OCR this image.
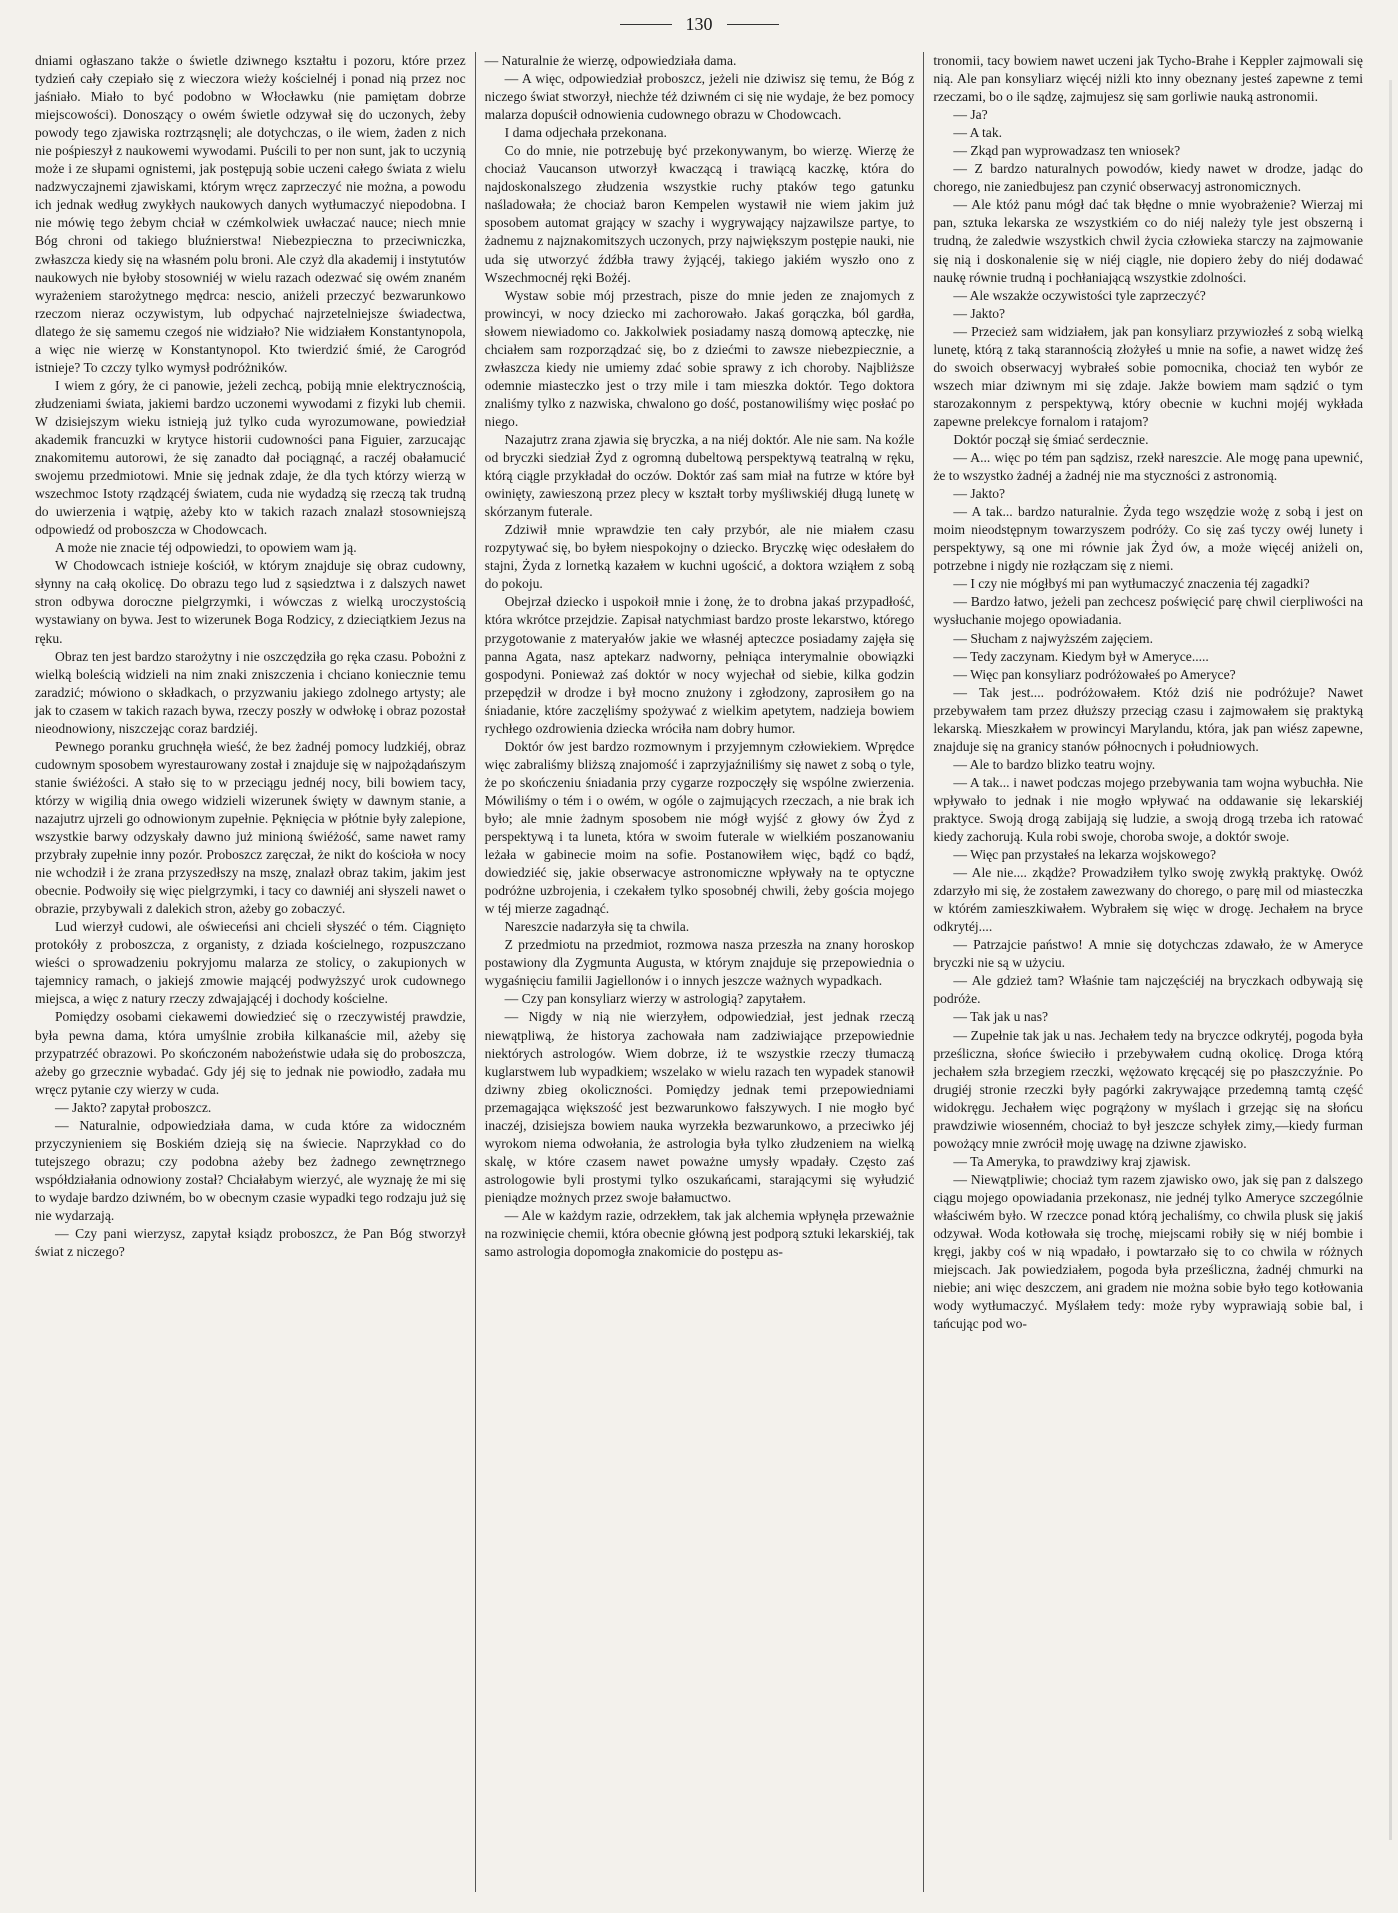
130

dniami ogłaszano także o świetle dziwnego kształtu i pozoru, które przez tydzień cały czepiało się z wieczora wieży kościelnéj i ponad nią przez noc jaśniało. Miało to być podobno w Włocławku (nie pamiętam dobrze miejscowości). Donoszący o owém świetle odzywał się do uczonych, żeby powody tego zjawiska roztrząsnęli; ale dotychczas, o ile wiem, żaden z nich nie pośpieszył z naukowemi wywodami. Puścili to per non sunt, jak to uczynią może i ze słupami ognistemi, jak postępują sobie uczeni całego świata z wielu nadzwyczajnemi zjawiskami, którym wręcz zaprzeczyć nie można, a powodu ich jednak według zwykłych naukowych danych wytłumaczyć niepodobna. I nie mówię tego żebym chciał w czémkolwiek uwłaczać nauce; niech mnie Bóg chroni od takiego bluźnierstwa! Niebezpieczna to przeciwniczka, zwłaszcza kiedy się na własném polu broni. Ale czyż dla akademij i instytutów naukowych nie byłoby stosowniéj w wielu razach odezwać się owém znaném wyrażeniem starożytnego mędrca: nescio, aniżeli przeczyć bezwarunkowo rzeczom nieraz oczywistym, lub odpychać najrzetelniejsze świadectwa, dlatego że się samemu czegoś nie widziało? Nie widziałem Konstantynopola, a więc nie wierzę w Konstantynopol. Kto twierdzić śmié, że Carogród istnieje? To czczy tylko wymysł podróżników.

I wiem z góry, że ci panowie, jeżeli zechcą, pobiją mnie elektrycznością, złudzeniami świata, jakiemi bardzo uczonemi wywodami z fizyki lub chemii. W dzisiejszym wieku istnieją już tylko cuda wyrozumowane, powiedział akademik francuzki w krytyce historii cudowności pana Figuier, zarzucając znakomitemu autorowi, że się zanadto dał pociągnąć, a raczéj obałamucić swojemu przedmiotowi. Mnie się jednak zdaje, że dla tych którzy wierzą w wszechmoc Istoty rządzącéj światem, cuda nie wydadzą się rzeczą tak trudną do uwierzenia i wątpię, ażeby kto w takich razach znalazł stosowniejszą odpowiedź od proboszcza w Chodowcach.

A może nie znacie téj odpowiedzi, to opowiem wam ją.

W Chodowcach istnieje kościół, w którym znajduje się obraz cudowny, słynny na całą okolicę. Do obrazu tego lud z sąsiedztwa i z dalszych nawet stron odbywa doroczne pielgrzymki, i wówczas z wielką uroczystością wystawiany on bywa. Jest to wizerunek Boga Rodzicy, z dzieciątkiem Jezus na ręku.

Obraz ten jest bardzo starożytny i nie oszczędziła go ręka czasu. Pobożni z wielką boleścią widzieli na nim znaki zniszczenia i chciano koniecznie temu zaradzić; mówiono o składkach, o przyzwaniu jakiego zdolnego artysty; ale jak to czasem w takich razach bywa, rzeczy poszły w odwłokę i obraz pozostał nieodnowiony, niszczejąc coraz bardziéj.

Pewnego poranku gruchnęła wieść, że bez żadnéj pomocy ludzkiéj, obraz cudownym sposobem wyrestaurowany został i znajduje się w najpożądańszym stanie świéżości. A stało się to w przeciągu jednéj nocy, bili bowiem tacy, którzy w wigilią dnia owego widzieli wizerunek święty w dawnym stanie, a nazajutrz ujrzeli go odnowionym zupełnie. Pęknięcia w płótnie były zalepione, wszystkie barwy odzyskały dawno już minioną świéżość, same nawet ramy przybrały zupełnie inny pozór. Proboszcz zaręczał, że nikt do kościoła w nocy nie wchodził i że zrana przyszedłszy na mszę, znalazł obraz takim, jakim jest obecnie. Podwoiły się więc pielgrzymki, i tacy co dawniéj ani słyszeli nawet o obrazie, przybywali z dalekich stron, ażeby go zobaczyć.

Lud wierzył cudowi, ale oświeceńsi ani chcieli słyszéć o tém. Ciągnięto protokóły z proboszcza, z organisty, z dziada kościelnego, rozpuszczano wieści o sprowadzeniu pokryjomu malarza ze stolicy, o zakupionych w tajemnicy ramach, o jakiejś zmowie mającéj podwyższyć urok cudownego miejsca, a więc z natury rzeczy zdwajającéj i dochody kościelne.

Pomiędzy osobami ciekawemi dowiedzieć się o rzeczywistéj prawdzie, była pewna dama, która umyślnie zrobiła kilkanaście mil, ażeby się przypatrzéć obrazowi. Po skończoném nabożeństwie udała się do proboszcza, ażeby go grzecznie wybadać. Gdy jéj się to jednak nie powiodło, zadała mu wręcz pytanie czy wierzy w cuda.

— Jakto? zapytał proboszcz.

— Naturalnie, odpowiedziała dama, w cuda które za widoczném przyczynieniem się Boskiém dzieją się na świecie. Naprzykład co do tutejszego obrazu; czy podobna ażeby bez żadnego zewnętrznego współdziałania odnowiony został? Chciałabym wierzyć, ale wyznaję że mi się to wydaje bardzo dziwném, bo w obecnym czasie wypadki tego rodzaju już się nie wydarzają.

— Czy pani wierzysz, zapytał ksiądz proboszcz, że Pan Bóg stworzył świat z niczego?

— Naturalnie że wierzę, odpowiedziała dama.

— A więc, odpowiedział proboszcz, jeżeli nie dziwisz się temu, że Bóg z niczego świat stworzył, niechże téż dziwném ci się nie wydaje, że bez pomocy malarza dopuścił odnowienia cudownego obrazu w Chodowcach.

I dama odjechała przekonana.

Co do mnie, nie potrzebuję być przekonywanym, bo wierzę. Wierzę że chociaż Vaucanson utworzył kwaczącą i trawiącą kaczkę, która do najdoskonalszego złudzenia wszystkie ruchy ptaków tego gatunku naśladowała; że chociaż baron Kempelen wystawił nie wiem jakim już sposobem automat grający w szachy i wygrywający najzawilsze partye, to żadnemu z najznakomitszych uczonych, przy największym postępie nauki, nie uda się utworzyć źdźbła trawy żyjącéj, takiego jakiém wyszło ono z Wszechmocnéj ręki Bożéj.

Wystaw sobie mój przestrach, pisze do mnie jeden ze znajomych z prowincyi, w nocy dziecko mi zachorowało. Jakaś gorączka, ból gardła, słowem niewiadomo co. Jakkolwiek posiadamy naszą domową apteczkę, nie chciałem sam rozporządzać się, bo z dziećmi to zawsze niebezpiecznie, a zwłaszcza kiedy nie umiemy zdać sobie sprawy z ich choroby. Najbliższe odemnie miasteczko jest o trzy mile i tam mieszka doktór. Tego doktora znaliśmy tylko z nazwiska, chwalono go dość, postanowiliśmy więc posłać po niego.

Nazajutrz zrana zjawia się bryczka, a na niéj doktór. Ale nie sam. Na koźle od bryczki siedział Żyd z ogromną dubeltową perspektywą teatralną w ręku, którą ciągle przykładał do oczów. Doktór zaś sam miał na futrze w które był owinięty, zawieszoną przez plecy w kształt torby myśliwskiéj długą lunetę w skórzanym futerale.

Zdziwił mnie wprawdzie ten cały przybór, ale nie miałem czasu rozpytywać się, bo byłem niespokojny o dziecko. Bryczkę więc odesłałem do stajni, Żyda z lornetką kazałem w kuchni ugościć, a doktora wziąłem z sobą do pokoju.

Obejrzał dziecko i uspokoił mnie i żonę, że to drobna jakaś przypadłość, która wkrótce przejdzie. Zapisał natychmiast bardzo proste lekarstwo, którego przygotowanie z materyałów jakie we własnéj apteczce posiadamy zajęła się panna Agata, nasz aptekarz nadworny, pełniąca interymalnie obowiązki gospodyni. Ponieważ zaś doktór w nocy wyjechał od siebie, kilka godzin przepędził w drodze i był mocno znużony i zgłodzony, zaprosiłem go na śniadanie, które zaczęliśmy spożywać z wielkim apetytem, nadzieja bowiem rychłego ozdrowienia dziecka wróciła nam dobry humor.

Doktór ów jest bardzo rozmownym i przyjemnym człowiekiem. Wprędce więc zabraliśmy bliższą znajomość i zaprzyjaźniliśmy się nawet z sobą o tyle, że po skończeniu śniadania przy cygarze rozpoczęły się wspólne zwierzenia. Mówiliśmy o tém i o owém, w ogóle o zajmujących rzeczach, a nie brak ich było; ale mnie żadnym sposobem nie mógł wyjść z głowy ów Żyd z perspektywą i ta luneta, która w swoim futerale w wielkiém poszanowaniu leżała w gabinecie moim na sofie. Postanowiłem więc, bądź co bądź, dowiedziéć się, jakie obserwacye astronomiczne wpływały na te optyczne podróżne uzbrojenia, i czekałem tylko sposobnéj chwili, żeby gościa mojego w téj mierze zagadnąć.

Nareszcie nadarzyła się ta chwila.

Z przedmiotu na przedmiot, rozmowa nasza przeszła na znany horoskop postawiony dla Zygmunta Augusta, w którym znajduje się przepowiednia o wygaśnięciu familii Jagiellonów i o innych jeszcze ważnych wypadkach.

— Czy pan konsyliarz wierzy w astrologią? zapytałem.

— Nigdy w nią nie wierzyłem, odpowiedział, jest jednak rzeczą niewątpliwą, że historya zachowała nam zadziwiające przepowiednie niektórych astrologów. Wiem dobrze, iż te wszystkie rzeczy tłumaczą kuglarstwem lub wypadkiem; wszelako w wielu razach ten wypadek stanowił dziwny zbieg okoliczności. Pomiędzy jednak temi przepowiedniami przemagająca większość jest bezwarunkowo fałszywych. I nie mogło być inaczéj, dzisiejsza bowiem nauka wyrzekła bezwarunkowo, a przeciwko jéj wyrokom niema odwołania, że astrologia była tylko złudzeniem na wielką skalę, w które czasem nawet poważne umysły wpadały. Często zaś astrologowie byli prostymi tylko oszukańcami, starającymi się wyłudzić pieniądze możnych przez swoje bałamuctwo.

— Ale w każdym razie, odrzekłem, tak jak alchemia wpłynęła przeważnie na rozwinięcie chemii, która obecnie główną jest podporą sztuki lekarskiéj, tak samo astrologia dopomogła znakomicie do postępu as-

tronomii, tacy bowiem nawet uczeni jak Tycho-Brahe i Keppler zajmowali się nią. Ale pan konsyliarz więcéj niżli kto inny obeznany jesteś zapewne z temi rzeczami, bo o ile sądzę, zajmujesz się sam gorliwie nauką astronomii.

— Ja?

— A tak.

— Zkąd pan wyprowadzasz ten wniosek?

— Z bardzo naturalnych powodów, kiedy nawet w drodze, jadąc do chorego, nie zaniedbujesz pan czynić obserwacyj astronomicznych.

— Ale któż panu mógł dać tak błędne o mnie wyobrażenie? Wierzaj mi pan, sztuka lekarska ze wszystkiém co do niéj należy tyle jest obszerną i trudną, że zaledwie wszystkich chwil życia człowieka starczy na zajmowanie się nią i doskonalenie się w niéj ciągle, nie dopiero żeby do niéj dodawać naukę równie trudną i pochłaniającą wszystkie zdolności.

— Ale wszakże oczywistości tyle zaprzeczyć?

— Jakto?

— Przecież sam widziałem, jak pan konsyliarz przywiozłeś z sobą wielką lunetę, którą z taką starannością złożyłeś u mnie na sofie, a nawet widzę żeś do swoich obserwacyj wybrałeś sobie pomocnika, chociaż ten wybór ze wszech miar dziwnym mi się zdaje. Jakże bowiem mam sądzić o tym starozakonnym z perspektywą, który obecnie w kuchni mojéj wykłada zapewne prelekcye fornalom i ratajom?

Doktór począł się śmiać serdecznie.

— A... więc po tém pan sądzisz, rzekł nareszcie. Ale mogę pana upewnić, że to wszystko żadnéj a żadnéj nie ma styczności z astronomią.

— Jakto?

— A tak... bardzo naturalnie. Żyda tego wszędzie wożę z sobą i jest on moim nieodstępnym towarzyszem podróży. Co się zaś tyczy owéj lunety i perspektywy, są one mi równie jak Żyd ów, a może więcéj aniżeli on, potrzebne i nigdy nie rozłączam się z niemi.

— I czy nie mógłbyś mi pan wytłumaczyć znaczenia téj zagadki?

— Bardzo łatwo, jeżeli pan zechcesz poświęcić parę chwil cierpliwości na wysłuchanie mojego opowiadania.

— Słucham z najwyższém zajęciem.

— Tedy zaczynam. Kiedym był w Ameryce.....

— Więc pan konsyliarz podróżowałeś po Ameryce?

— Tak jest.... podróżowałem. Któż dziś nie podróżuje? Nawet przebywałem tam przez dłuższy przeciąg czasu i zajmowałem się praktyką lekarską. Mieszkałem w prowincyi Marylandu, która, jak pan wiész zapewne, znajduje się na granicy stanów północnych i południowych.

— Ale to bardzo blizko teatru wojny.

— A tak... i nawet podczas mojego przebywania tam wojna wybuchła. Nie wpływało to jednak i nie mogło wpływać na oddawanie się lekarskiéj praktyce. Swoją drogą zabijają się ludzie, a swoją drogą trzeba ich ratować kiedy zachorują. Kula robi swoje, choroba swoje, a doktór swoje.

— Więc pan przystałeś na lekarza wojskowego?

— Ale nie.... zkądże? Prowadziłem tylko swoję zwykłą praktykę. Owóż zdarzyło mi się, że zostałem zawezwany do chorego, o parę mil od miasteczka w którém zamieszkiwałem. Wybrałem się więc w drogę. Jechałem na bryce odkrytéj....

— Patrzajcie państwo! A mnie się dotychczas zdawało, że w Ameryce bryczki nie są w użyciu.

— Ale gdzież tam? Właśnie tam najczęściéj na bryczkach odbywają się podróże.

— Tak jak u nas?

— Zupełnie tak jak u nas. Jechałem tedy na bryczce odkrytéj, pogoda była prześliczna, słońce świeciło i przebywałem cudną okolicę. Droga którą jechałem szła brzegiem rzeczki, wężowato kręcącéj się po płaszczyźnie. Po drugiéj stronie rzeczki były pagórki zakrywające przedemną tamtą część widokręgu. Jechałem więc pogrążony w myślach i grzejąc się na słońcu prawdziwie wiosenném, chociaż to był jeszcze schyłek zimy,—kiedy furman powożący mnie zwrócił moję uwagę na dziwne zjawisko.

— Ta Ameryka, to prawdziwy kraj zjawisk.

— Niewątpliwie; chociaż tym razem zjawisko owo, jak się pan z dalszego ciągu mojego opowiadania przekonasz, nie jednéj tylko Ameryce szczególnie właściwém było. W rzeczce ponad którą jechaliśmy, co chwila plusk się jakiś odzywał. Woda kotłowała się trochę, miejscami robiły się w niéj bombie i kręgi, jakby coś w nią wpadało, i powtarzało się to co chwila w różnych miejscach. Jak powiedziałem, pogoda była prześliczna, żadnéj chmurki na niebie; ani więc deszczem, ani gradem nie można sobie było tego kotłowania wody wytłumaczyć. Myślałem tedy: może ryby wyprawiają sobie bal, i tańcując pod wo-
